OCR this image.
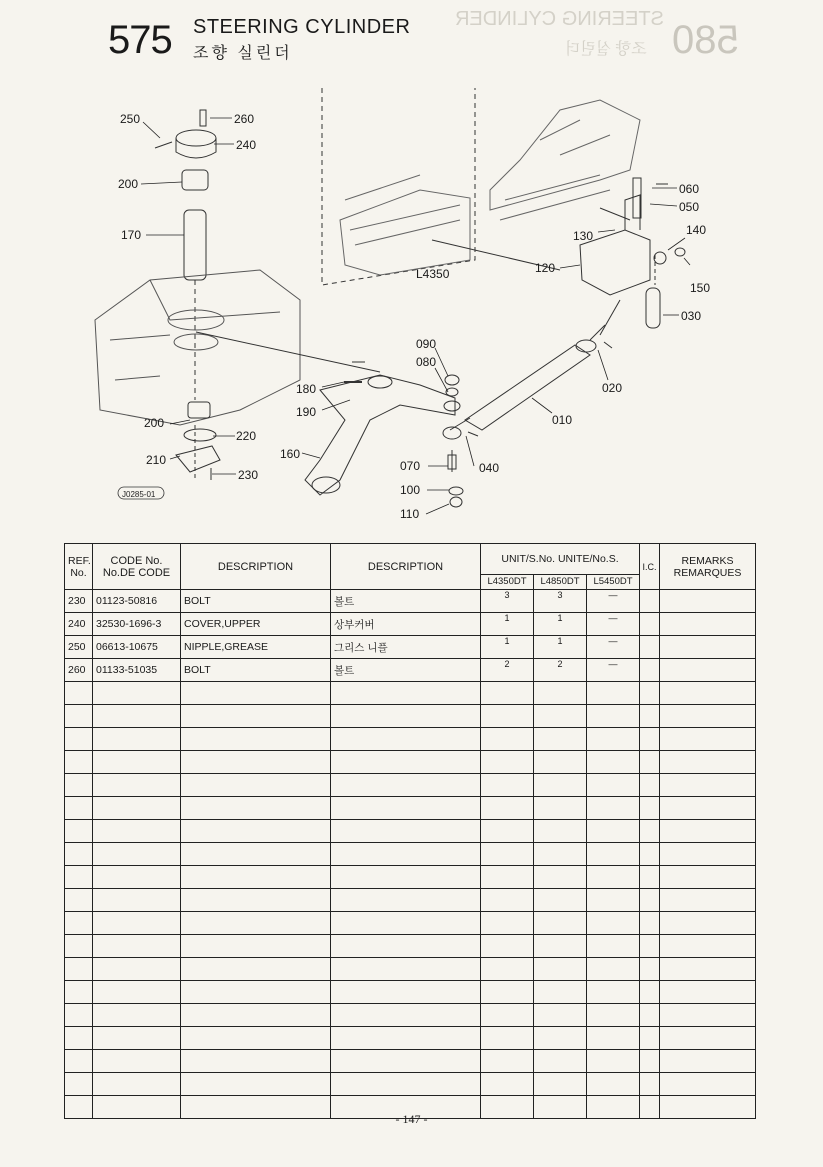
STEERING CYLINDER
조향 실린더 580
575 STEERING CYLINDER
조향 실린더
250	260
240
200
170
180
190
200
220
210
230
160
060
050
130	140
120
150
030
090
080
020
010
070	040
100
110
L4350
J0285-01
REF. No.	CODE No. No.DE CODE	DESCRIPTION	DESCRIPTION	UNIT/S.No. UNITE/No.S.			I.C.	REMARKS REMARQUES
				L4350DT	L4850DT	L5450DT		
230	01123-50816	BOLT	볼트	3	3	—		
240	32530-1696-3	COVER,UPPER	상부커버	1	1	—		
250	06613-10675	NIPPLE,GREASE	그리스 니플	1	1	—		
260	01133-51035	BOLT	볼트	2	2	—		

- 147 -
